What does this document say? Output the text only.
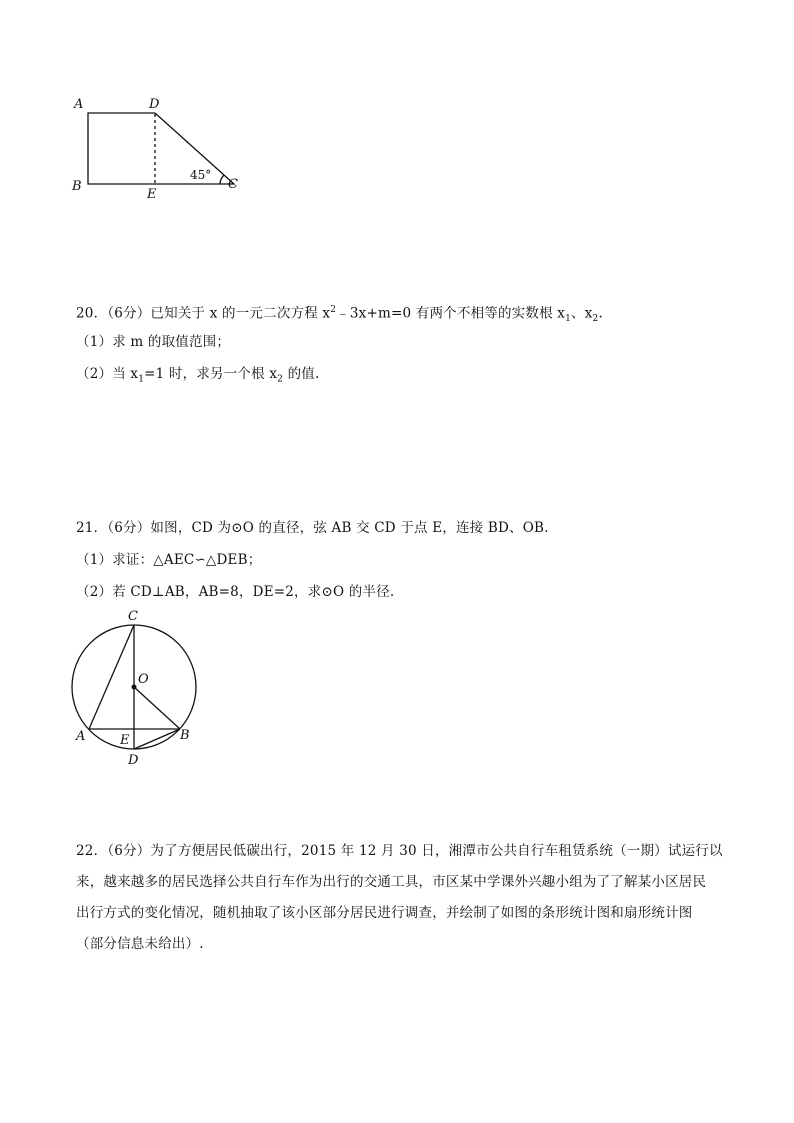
A	D
B
E
C
45°
20．（6分）已知关于 x 的一元二次方程 $x^2﹣3x+m=0$ 有两个不相等的实数根 $x_1$、$x_2$.
（1）求 m 的取值范围；
（2）当 $x_1=1$ 时，求另一个根 $x_2$ 的值.
21．（6分）如图，CD 为⊙O 的直径，弦 AB 交 CD 于点 E，连接 BD、OB.
（1）求证：△AEC∽△DEB；
（2）若 CD⊥AB，AB=8，DE=2，求⊙O 的半径.
C
O
A	E	B
D
22．（6分）为了方便居民低碳出行，2015 年 12 月 30 日，湘潭市公共自行车租赁系统（一期）试运行以
来，越来越多的居民选择公共自行车作为出行的交通工具，市区某中学课外兴趣小组为了了解某小区居民
出行方式的变化情况，随机抽取了该小区部分居民进行调查，并绘制了如图的条形统计图和扇形统计图
（部分信息未给出）.
